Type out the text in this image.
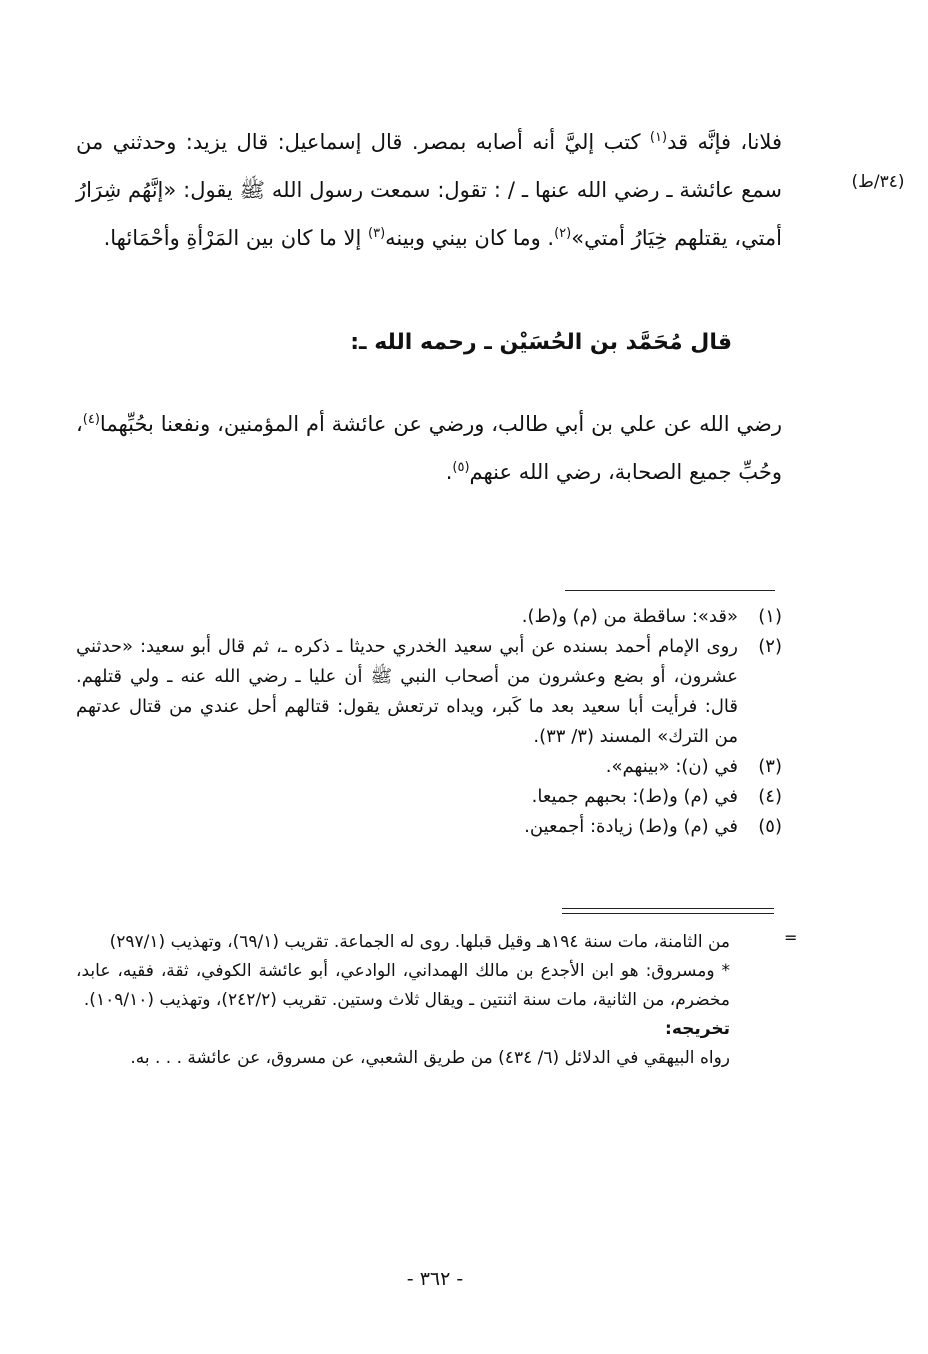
(٣٤/ط)

فلانا، فإنَّه قد$^{(١)}$ كتب إليَّ أنه أصابه بمصر. قال إسماعيل: قال يزيد: وحدثني من سمع عائشة ـ رضي الله عنها ـ / : تقول: سمعت رسول الله ﷺ يقول: «إنَّهُم شِرَارُ أمتي، يقتلهم خِيَارُ أمتي»$^{(٢)}$. وما كان بيني وبينه$^{(٣)}$ إلا ما كان بين المَرْأةِ وأحْمَائها.

قال مُحَمَّد بن الحُسَيْن ـ رحمه الله ـ:
رضي الله عن علي بن أبي طالب، ورضي عن عائشة أم المؤمنين، ونفعنا بحُبِّهما$^{(٤)}$، وحُبِّ جميع الصحابة، رضي الله عنهم$^{(٥)}$.
(١)
«قد»: ساقطة من (م) و(ط).
(٢)
روى الإمام أحمد بسنده عن أبي سعيد الخدري حديثا ـ ذكره ـ، ثم قال أبو سعيد: «حدثني عشرون، أو بضع وعشرون من أصحاب النبي ﷺ أن عليا ـ رضي الله عنه ـ ولي قتلهم. قال: فرأيت أبا سعيد بعد ما كَبر، ويداه ترتعش يقول: قتالهم أحل عندي من قتال عدتهم من الترك» المسند (٣/ ٣٣).
(٣)
في (ن): «بينهم».
(٤)
في (م) و(ط): بحبهم جميعا.
(٥)
في (م) و(ط) زيادة: أجمعين.
=

من الثامنة، مات سنة ١٩٤هـ وقيل قبلها. روى له الجماعة. تقريب (٦٩/١)، وتهذيب (٢٩٧/١)

* ومسروق: هو ابن الأجدع بن مالك الهمداني، الوادعي، أبو عائشة الكوفي، ثقة، فقيه، عابد، مخضرم، من الثانية، مات سنة اثنتين ـ ويقال ثلاث وستين. تقريب (٢٤٢/٢)، وتهذيب (١٠٩/١٠).

تخريجه:

رواه البيهقي في الدلائل (٦/ ٤٣٤) من طريق الشعبي، عن مسروق، عن عائشة . . . به.

- ٣٦٢ -
